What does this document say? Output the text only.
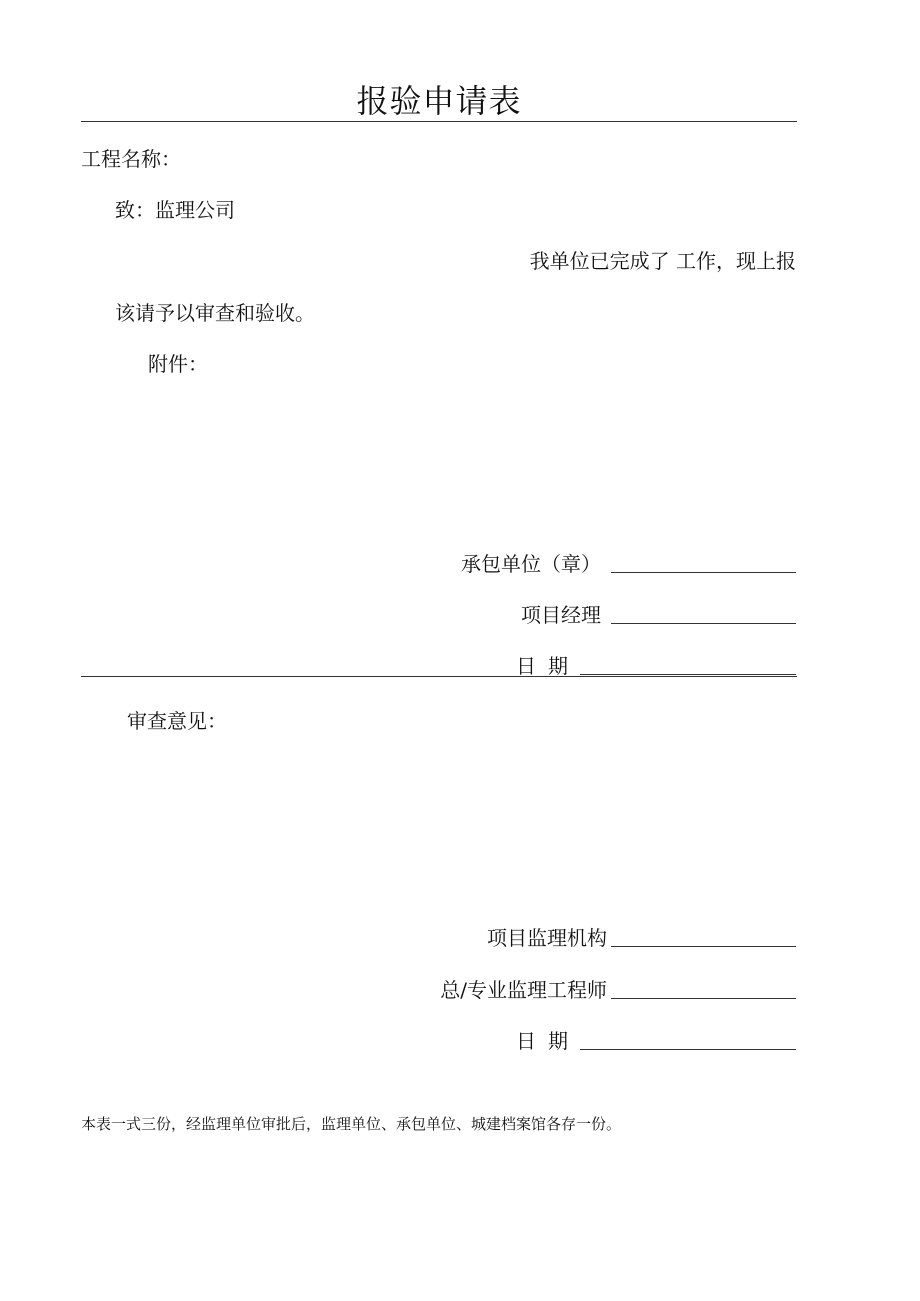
报验申请表
工程名称：
致：监理公司
我单位已完成了 工作，现上报
该请予以审查和验收。
附件：
承包单位（章）
项目经理
日期
审查意见：
项目监理机构
总/专业监理工程师
日期
本表一式三份，经监理单位审批后，监理单位、承包单位、城建档案馆各存一份。
